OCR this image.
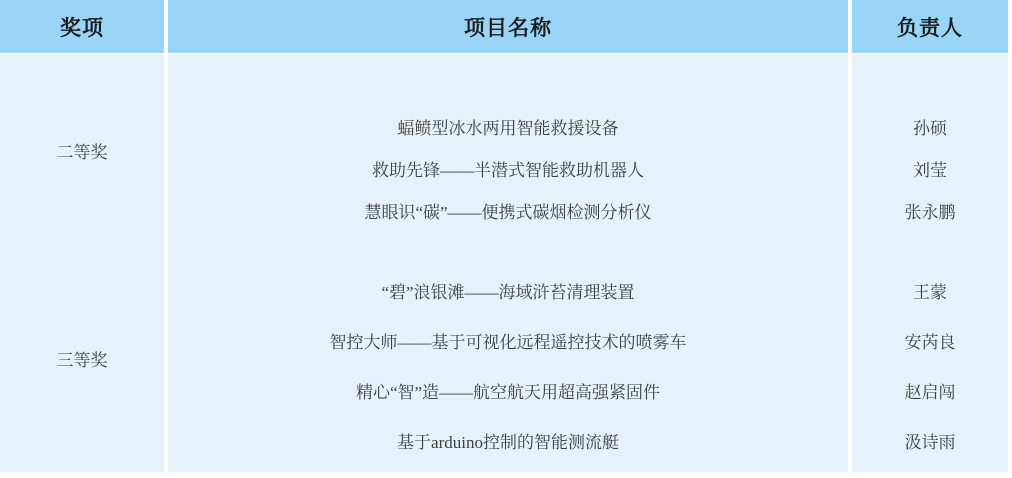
奖项	项目名称	负责人
二等奖
蝠鲼型冰水两用智能救援设备
救助先锋——半潜式智能救助机器人
慧眼识“碳”——便携式碳烟检测分析仪
孙硕
刘莹
张永鹏
三等奖
“碧”浪银滩——海域浒苔清理装置
智控大师——基于可视化远程遥控技术的喷雾车
精心“智”造——航空航天用超高强紧固件
基于arduino控制的智能测流艇
王蒙
安芮良
赵启闯
汲诗雨
